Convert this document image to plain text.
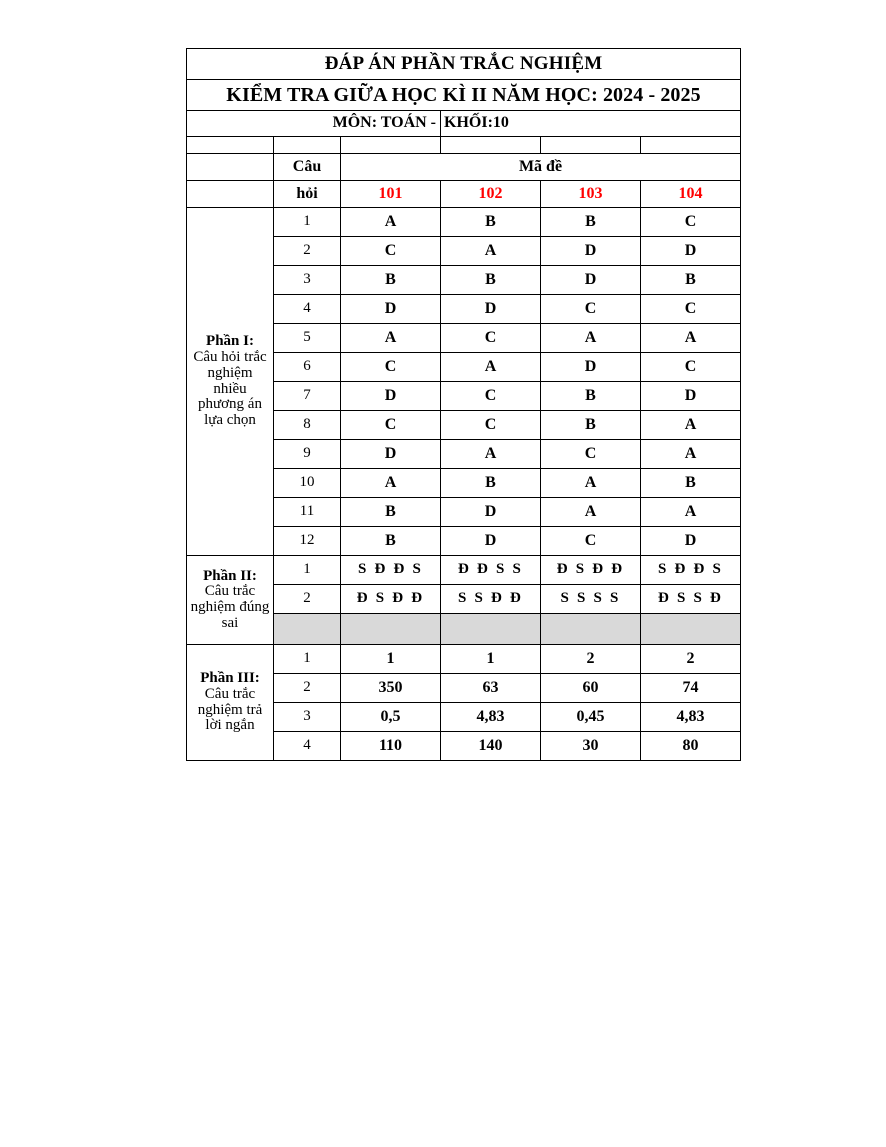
ĐÁP ÁN PHẦN TRẮC NGHIỆM					
KIỂM TRA GIỮA HỌC KÌ II NĂM HỌC: 2024 - 2025					
MÔN: TOÁN -			KHỐI:10		

	Câu	Mã đề			
	hỏi	101	102	103	104

Phần I:
Câu hỏi trắc nghiệm nhiều phương án lựa chọn	1	A	B	B	C
	2	C	A	D	D
	3	B	B	D	B
	4	D	D	C	C
	5	A	C	A	A
	6	C	A	D	C
	7	D	C	B	D
	8	C	C	B	A
	9	D	A	C	A
	10	A	B	A	B
	11	B	D	A	A
	12	B	D	C	D

Phần II:
Câu trắc nghiệm đúng sai	1	S Đ Đ S	Đ Đ S S	Đ S Đ Đ	S Đ Đ S
	2	Đ S Đ Đ	S S Đ Đ	S S S S	Đ S S Đ

Phần III:
Câu trắc nghiệm trả lời ngắn	1	1	1	2	2
	2	350	63	60	74
	3	0,5	4,83	0,45	4,83
	4	110	140	30	80
